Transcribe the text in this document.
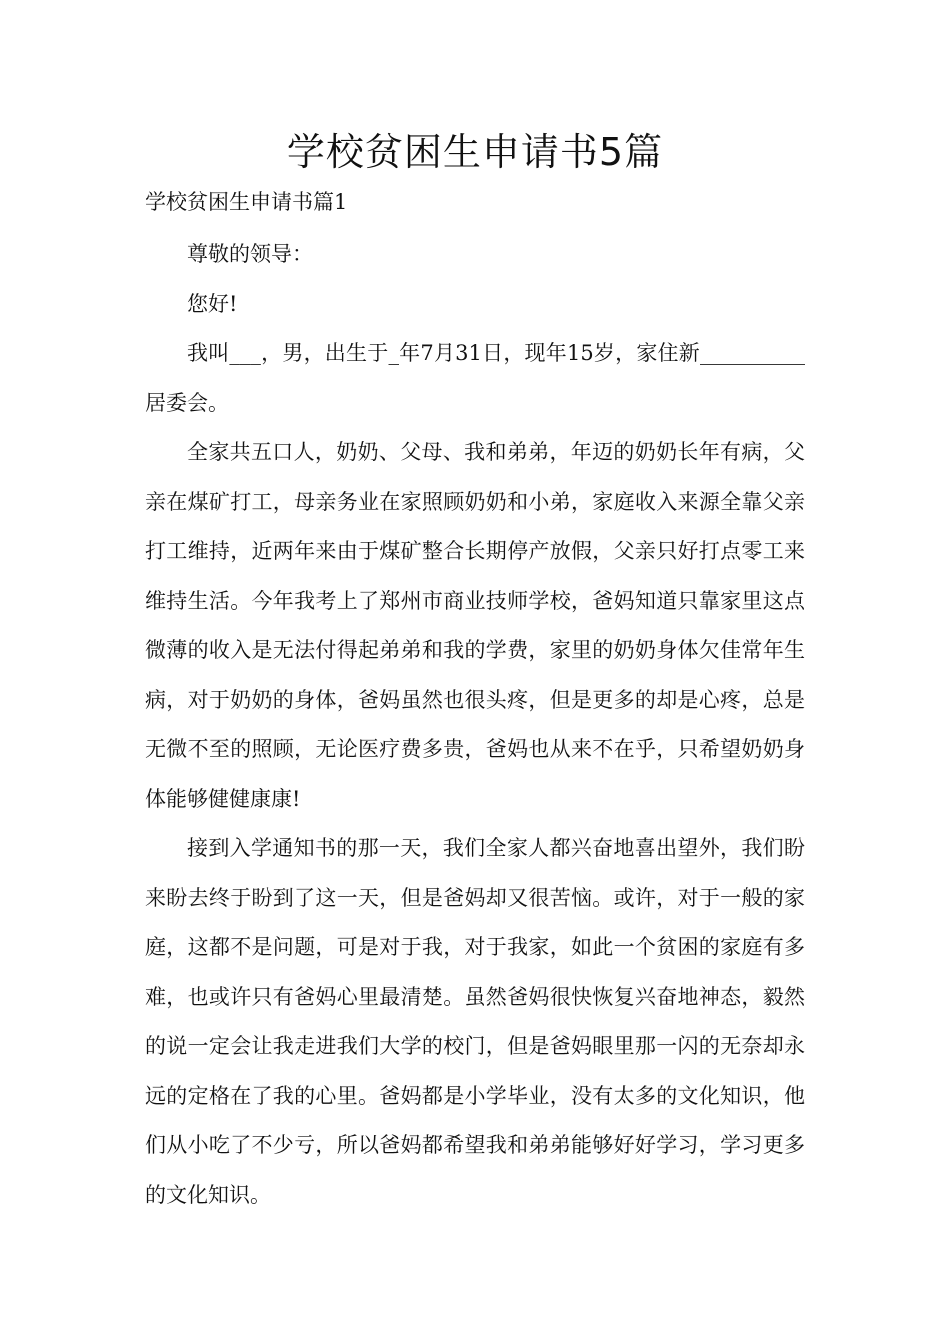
学校贫困生申请书5篇
学校贫困生申请书篇1

尊敬的领导：

您好!

我叫___，男，出生于_年7月31日，现年15岁，家住新__________居委会。

全家共五口人，奶奶、父母、我和弟弟，年迈的奶奶长年有病，父亲在煤矿打工，母亲务业在家照顾奶奶和小弟，家庭收入来源全靠父亲打工维持，近两年来由于煤矿整合长期停产放假，父亲只好打点零工来维持生活。今年我考上了郑州市商业技师学校，爸妈知道只靠家里这点微薄的收入是无法付得起弟弟和我的学费，家里的奶奶身体欠佳常年生病，对于奶奶的身体，爸妈虽然也很头疼，但是更多的却是心疼，总是无微不至的照顾，无论医疗费多贵，爸妈也从来不在乎，只希望奶奶身体能够健健康康!

接到入学通知书的那一天，我们全家人都兴奋地喜出望外，我们盼来盼去终于盼到了这一天，但是爸妈却又很苦恼。或许，对于一般的家庭，这都不是问题，可是对于我，对于我家，如此一个贫困的家庭有多难，也或许只有爸妈心里最清楚。虽然爸妈很快恢复兴奋地神态，毅然的说一定会让我走进我们大学的校门，但是爸妈眼里那一闪的无奈却永远的定格在了我的心里。爸妈都是小学毕业，没有太多的文化知识，他们从小吃了不少亏，所以爸妈都希望我和弟弟能够好好学习，学习更多的文化知识。
